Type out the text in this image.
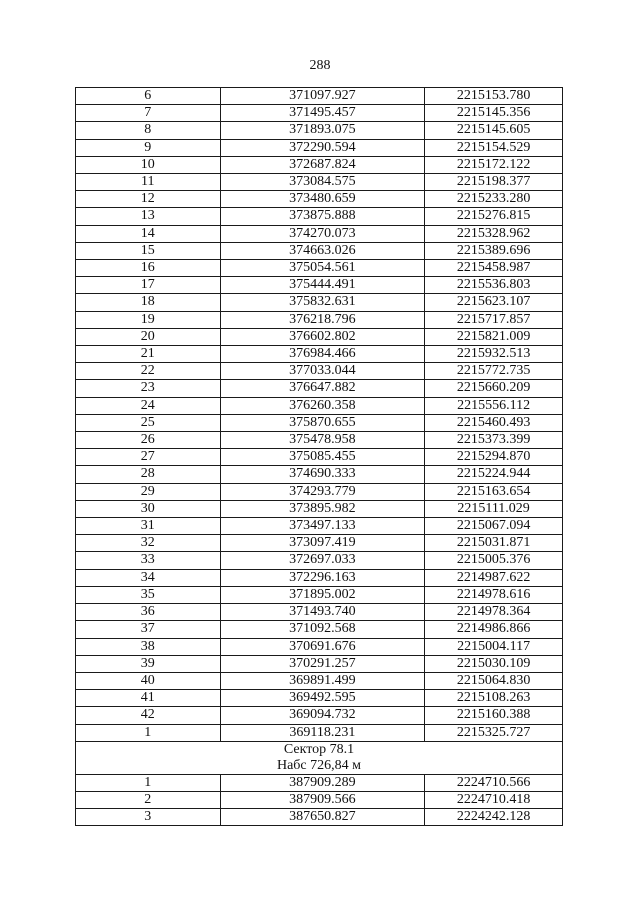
288
6	371097.927	2215153.780
7	371495.457	2215145.356
8	371893.075	2215145.605
9	372290.594	2215154.529
10	372687.824	2215172.122
11	373084.575	2215198.377
12	373480.659	2215233.280
13	373875.888	2215276.815
14	374270.073	2215328.962
15	374663.026	2215389.696
16	375054.561	2215458.987
17	375444.491	2215536.803
18	375832.631	2215623.107
19	376218.796	2215717.857
20	376602.802	2215821.009
21	376984.466	2215932.513
22	377033.044	2215772.735
23	376647.882	2215660.209
24	376260.358	2215556.112
25	375870.655	2215460.493
26	375478.958	2215373.399
27	375085.455	2215294.870
28	374690.333	2215224.944
29	374293.779	2215163.654
30	373895.982	2215111.029
31	373497.133	2215067.094
32	373097.419	2215031.871
33	372697.033	2215005.376
34	372296.163	2214987.622
35	371895.002	2214978.616
36	371493.740	2214978.364
37	371092.568	2214986.866
38	370691.676	2215004.117
39	370291.257	2215030.109
40	369891.499	2215064.830
41	369492.595	2215108.263
42	369094.732	2215160.388
1	369118.231	2215325.727

Сектор 78.1
Набс 726,84 м		

1	387909.289	2224710.566
2	387909.566	2224710.418
3	387650.827	2224242.128
